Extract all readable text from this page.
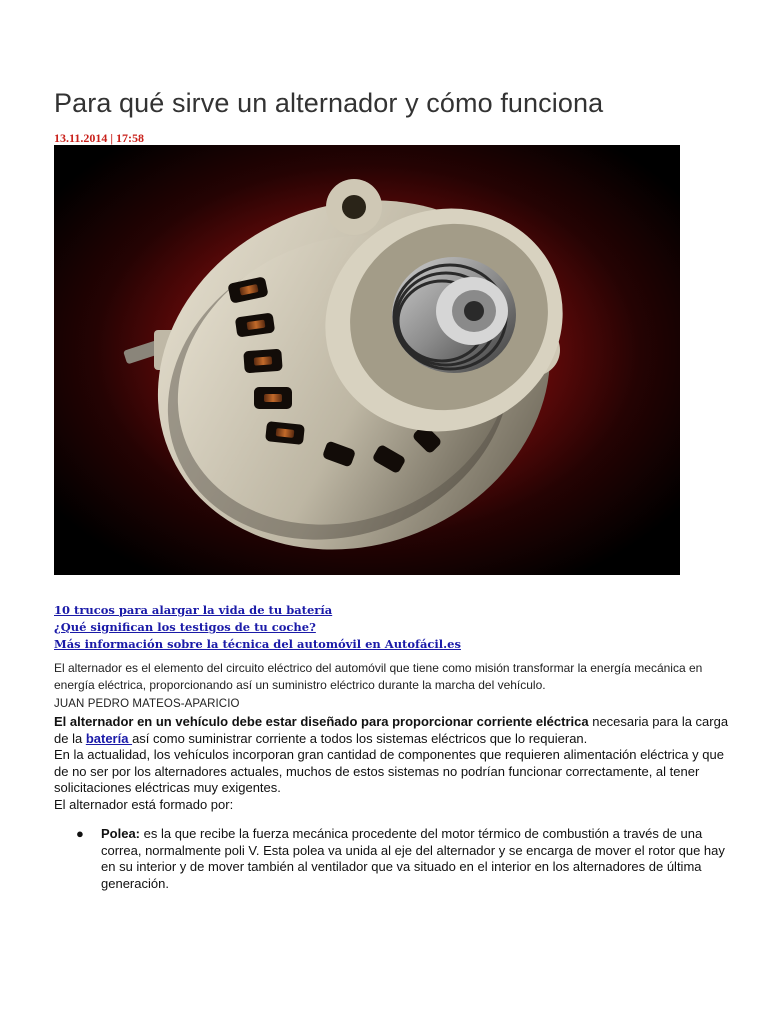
Para qué sirve un alternador y cómo funciona
13.11.2014 | 17:58
10 trucos para alargar la vida de tu batería
¿Qué significan los testigos de tu coche?
Más información sobre la técnica del automóvil en Autofácil.es

El alternador es el elemento del circuito eléctrico del automóvil que tiene como misión transformar la energía mecánica en energía eléctrica, proporcionando así un suministro eléctrico durante la marcha del vehículo.

JUAN PEDRO MATEOS-APARICIO

El alternador en un vehículo debe estar diseñado para proporcionar corriente eléctrica necesaria para la carga de la batería así como suministrar corriente a todos los sistemas eléctricos que lo requieran.

En la actualidad, los vehículos incorporan gran cantidad de componentes que requieren alimentación eléctrica y que de no ser por los alternadores actuales, muchos de estos sistemas no podrían funcionar correctamente, al tener solicitaciones eléctricas muy exigentes.

El alternador está formado por:

● Polea: es la que recibe la fuerza mecánica procedente del motor térmico de combustión a través de una correa, normalmente poli V. Esta polea va unida al eje del alternador y se encarga de mover el rotor que hay en su interior y de mover también al ventilador que va situado en el interior en los alternadores de última generación.
